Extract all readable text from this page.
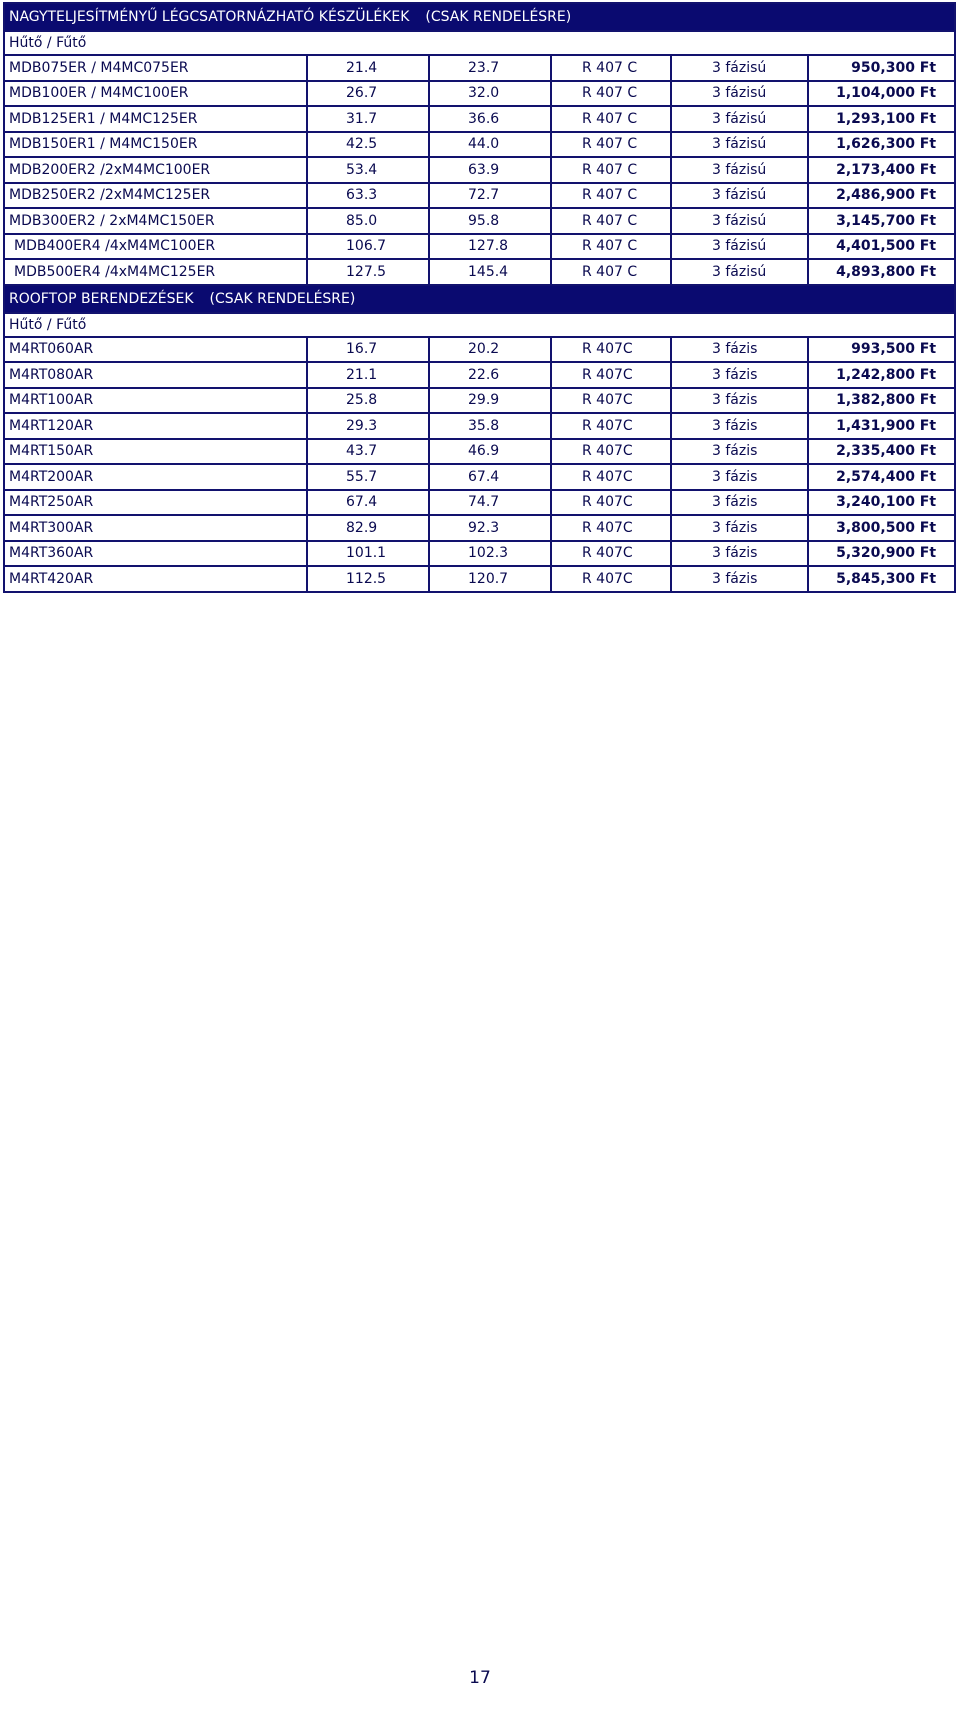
NAGYTELJESÍTMÉNYŰ LÉGCSATORNÁZHATÓ KÉSZÜLÉKEK (CSAK RENDELÉSRE)					
Hűtő / Fűtő					
MDB075ER / M4MC075ER	21.4	23.7	R 407 C	3 fázisú	950,300 Ft
MDB100ER / M4MC100ER	26.7	32.0	R 407 C	3 fázisú	1,104,000 Ft
MDB125ER1 / M4MC125ER	31.7	36.6	R 407 C	3 fázisú	1,293,100 Ft
MDB150ER1 / M4MC150ER	42.5	44.0	R 407 C	3 fázisú	1,626,300 Ft
MDB200ER2 /2xM4MC100ER	53.4	63.9	R 407 C	3 fázisú	2,173,400 Ft
MDB250ER2 /2xM4MC125ER	63.3	72.7	R 407 C	3 fázisú	2,486,900 Ft
MDB300ER2 / 2xM4MC150ER	85.0	95.8	R 407 C	3 fázisú	3,145,700 Ft
MDB400ER4 /4xM4MC100ER	106.7	127.8	R 407 C	3 fázisú	4,401,500 Ft
MDB500ER4 /4xM4MC125ER	127.5	145.4	R 407 C	3 fázisú	4,893,800 Ft
ROOFTOP BERENDEZÉSEK (CSAK RENDELÉSRE)					
Hűtő / Fűtő					
M4RT060AR	16.7	20.2	R 407C	3 fázis	993,500 Ft
M4RT080AR	21.1	22.6	R 407C	3 fázis	1,242,800 Ft
M4RT100AR	25.8	29.9	R 407C	3 fázis	1,382,800 Ft
M4RT120AR	29.3	35.8	R 407C	3 fázis	1,431,900 Ft
M4RT150AR	43.7	46.9	R 407C	3 fázis	2,335,400 Ft
M4RT200AR	55.7	67.4	R 407C	3 fázis	2,574,400 Ft
M4RT250AR	67.4	74.7	R 407C	3 fázis	3,240,100 Ft
M4RT300AR	82.9	92.3	R 407C	3 fázis	3,800,500 Ft
M4RT360AR	101.1	102.3	R 407C	3 fázis	5,320,900 Ft
M4RT420AR	112.5	120.7	R 407C	3 fázis	5,845,300 Ft
17
